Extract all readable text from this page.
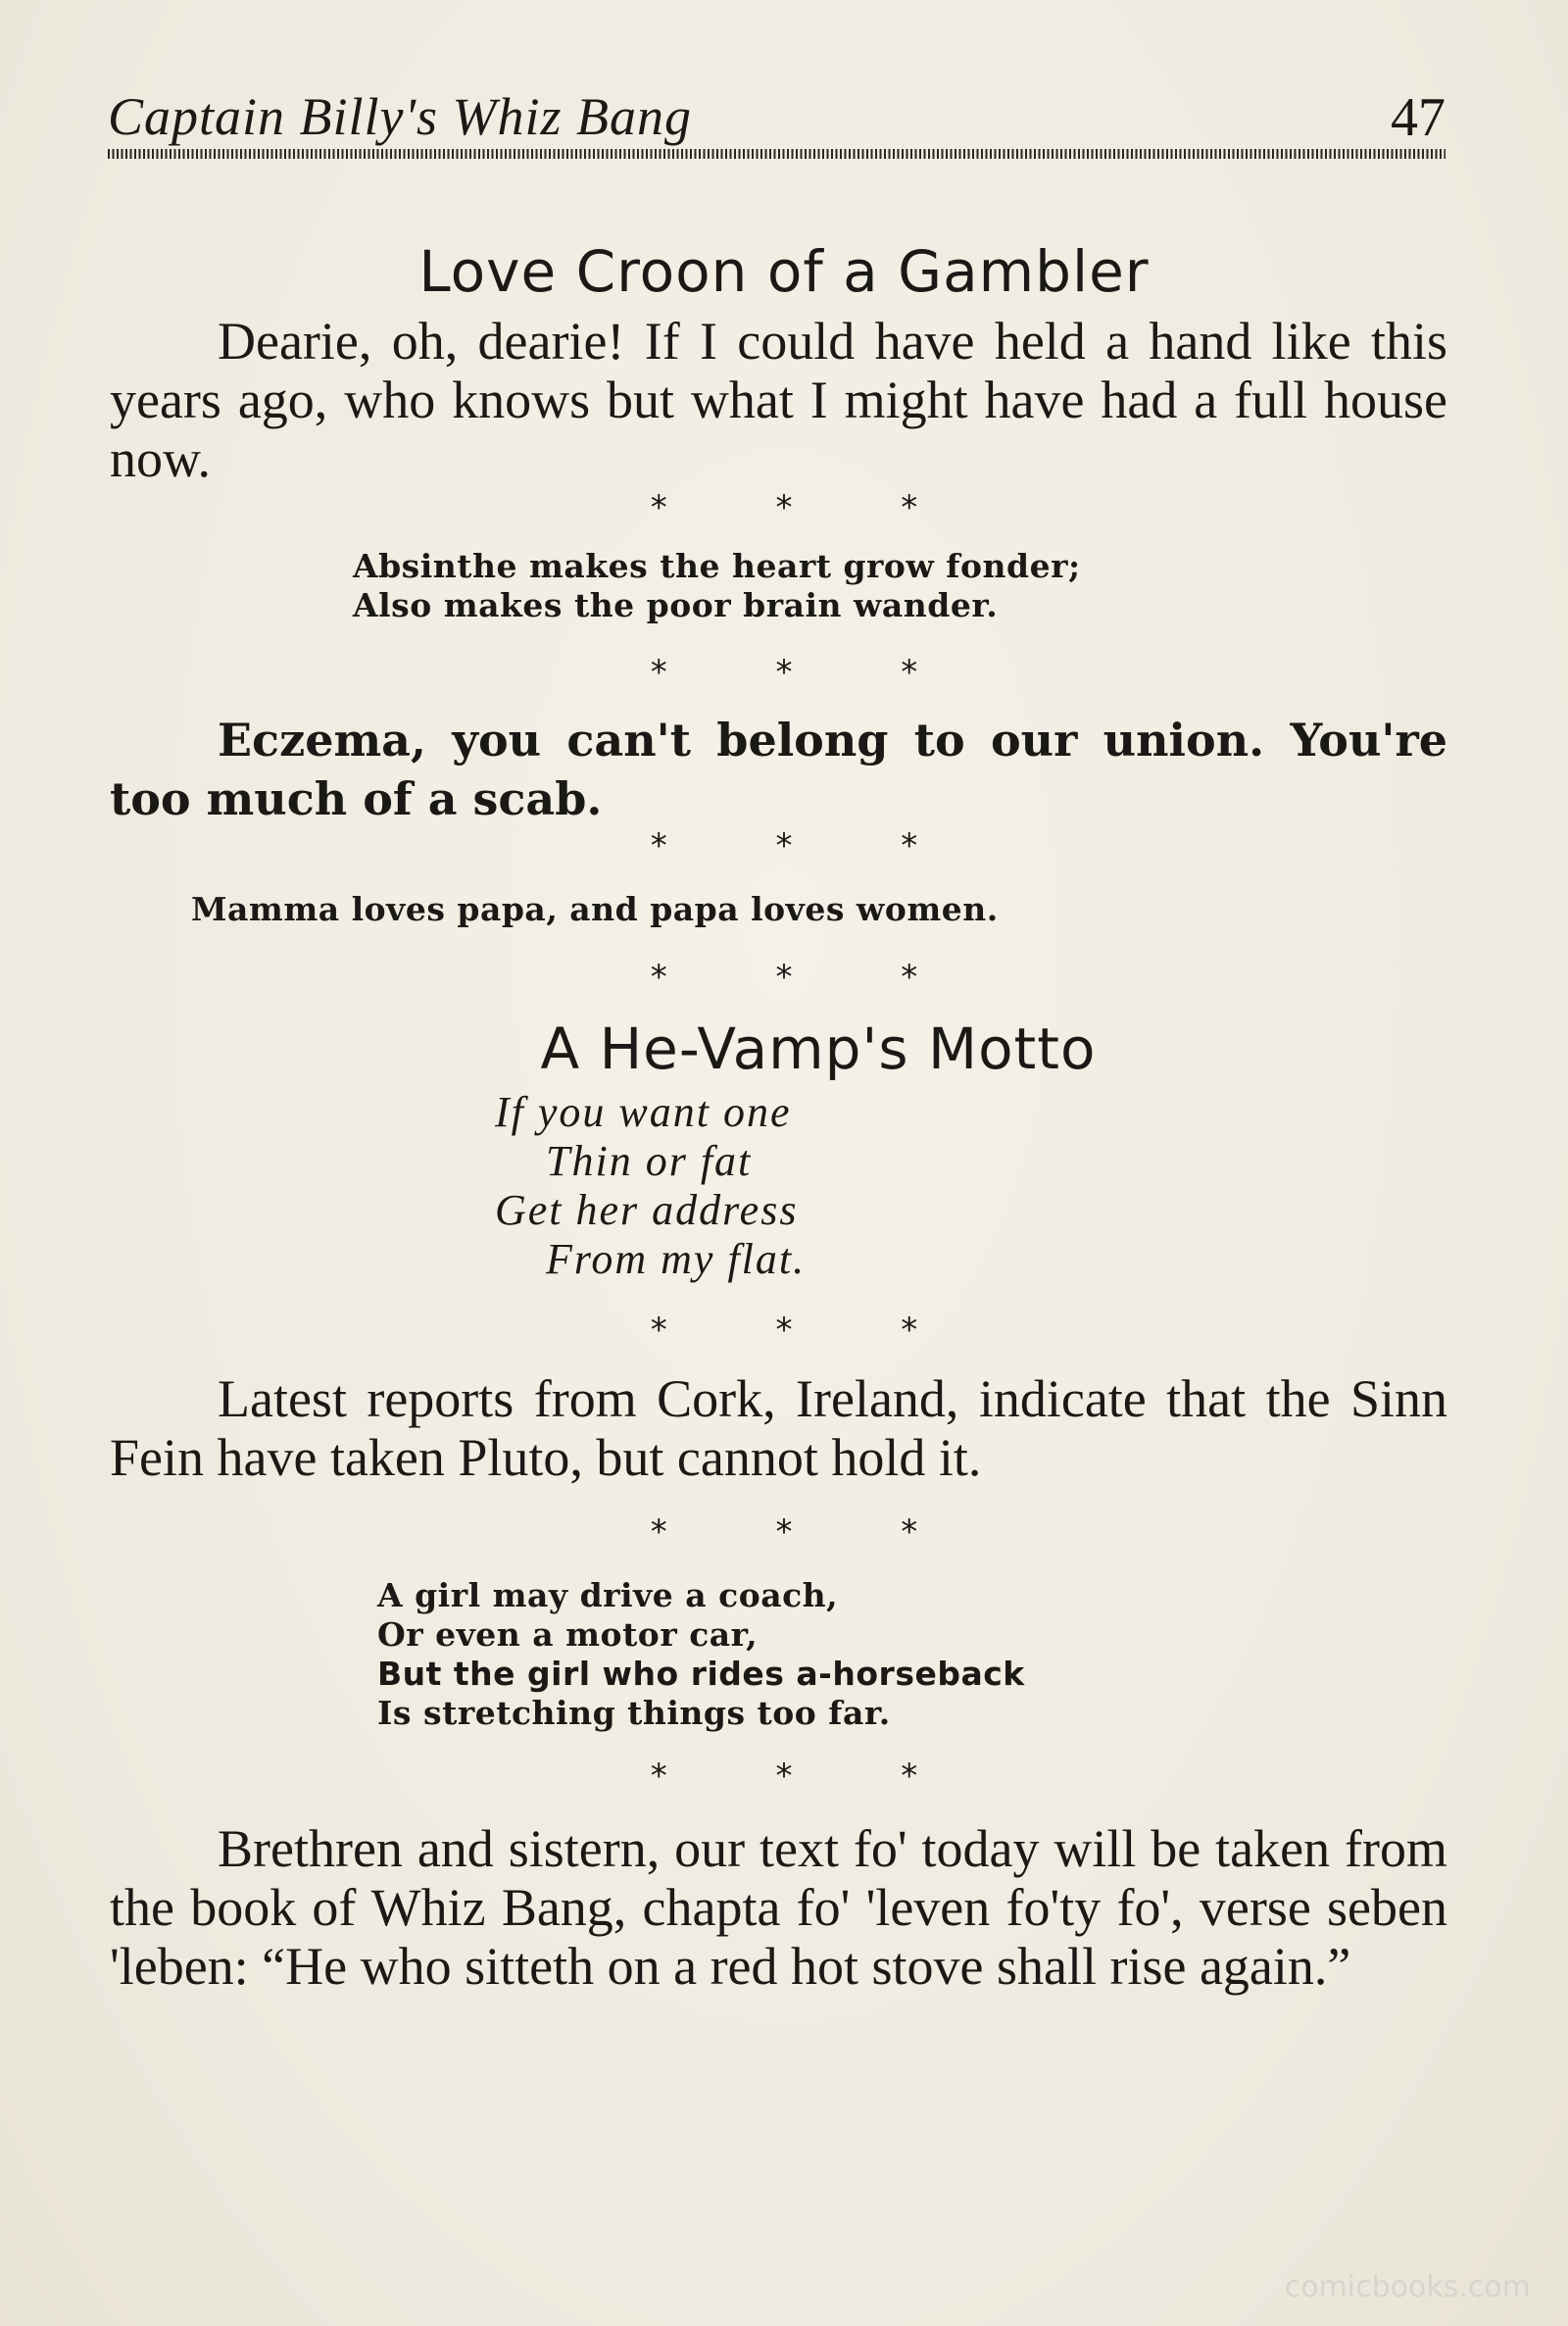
Captain Billy's Whiz Bang	47
Love Croon of a Gambler
Dearie, oh, dearie! If I could have held a hand like this years ago, who knows but what I might have had a full house now.
* * *
Absinthe makes the heart grow fonder;
Also makes the poor brain wander.
* * *
Eczema, you can't belong to our union. You're too much of a scab.
* * *
Mamma loves papa, and papa loves women.
* * *
A He-Vamp's Motto
If you want one
Thin or fat
Get her address
From my flat.
* * *
Latest reports from Cork, Ireland, indicate that the Sinn Fein have taken Pluto, but cannot hold it.
* * *
A girl may drive a coach,
Or even a motor car,
But the girl who rides a-horseback
Is stretching things too far.
* * *
Brethren and sistern, our text fo' today will be taken from the book of Whiz Bang, chapta fo' 'leven fo'ty fo', verse seben 'leben: “He who sitteth on a red hot stove shall rise again.”
comicbooks.com
